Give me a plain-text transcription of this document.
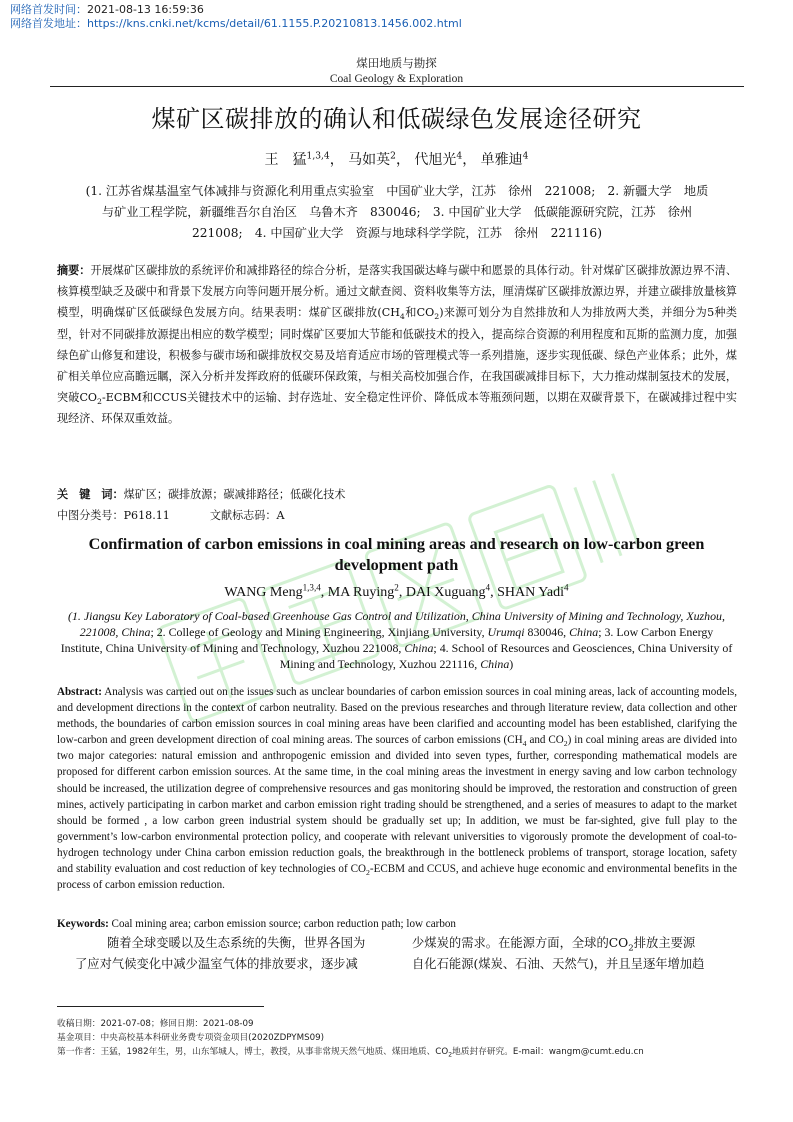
网络首发时间：2021-08-13 16:59:36
网络首发地址：https://kns.cnki.net/kcms/detail/61.1155.P.20210813.1456.002.html
煤田地质与勘探
Coal Geology & Exploration
煤矿区碳排放的确认和低碳绿色发展途径研究
王　猛$^{1,3,4}$， 马如英$^2$， 代旭光$^4$， 单雅迪$^4$
(1. 江苏省煤基温室气体减排与资源化利用重点实验室　中国矿业大学，江苏　徐州　221008;　2. 新疆大学　地质
与矿业工程学院，新疆维吾尔自治区　乌鲁木齐　830046;　3. 中国矿业大学　低碳能源研究院，江苏　徐州
221008;　4. 中国矿业大学　资源与地球科学学院，江苏　徐州　221116)
摘要：开展煤矿区碳排放的系统评价和减排路径的综合分析，是落实我国碳达峰与碳中和愿景的具体行动。针对煤矿区碳排放源边界不清、核算模型缺乏及碳中和背景下发展方向等问题开展分析。通过文献查阅、资料收集等方法，厘清煤矿区碳排放源边界，并建立碳排放量核算模型，明确煤矿区低碳绿色发展方向。结果表明：煤矿区碳排放($CH_4$和$CO_2$)来源可划分为自然排放和人为排放两大类，并细分为5种类型，针对不同碳排放源提出相应的数学模型；同时煤矿区要加大节能和低碳技术的投入，提高综合资源的利用程度和瓦斯的监测力度，加强绿色矿山修复和建设，积极参与碳市场和碳排放权交易及培育适应市场的管理模式等一系列措施，逐步实现低碳、绿色产业体系；此外，煤矿相关单位应高瞻远瞩，深入分析并发挥政府的低碳环保政策，与相关高校加强合作，在我国碳减排目标下，大力推动煤制氢技术的发展，突破$CO_2$-ECBM和CCUS关键技术中的运输、封存选址、安全稳定性评价、降低成本等瓶颈问题，以期在双碳背景下，在碳减排过程中实现经济、环保双重效益。
关　键　词：煤矿区；碳排放源；碳减排路径；低碳化技术
中图分类号：P618.11	文献标志码：A
Confirmation of carbon emissions in coal mining areas and research on low-carbon green development path
WANG Meng$^{1,3,4}$, MA Ruying$^2$, DAI Xuguang$^4$, SHAN Yadi$^4$
(1. Jiangsu Key Laboratory of Coal-based Greenhouse Gas Control and Utilization, China University of Mining and Technology, Xuzhou, 221008, China; 2. College of Geology and Mining Engineering, Xinjiang University, Urumqi 830046, China; 3. Low Carbon Energy Institute, China University of Mining and Technology, Xuzhou 221008, China; 4. School of Resources and Geosciences, China University of Mining and Technology, Xuzhou 221116, China)
Abstract: Analysis was carried out on the issues such as unclear boundaries of carbon emission sources in coal mining areas, lack of accounting models, and development directions in the context of carbon neutrality. Based on the previous researches and through literature review, data collection and other methods, the boundaries of carbon emission sources in coal mining areas have been clarified and accounting model has been established, clarifying the low-carbon and green development direction of coal mining areas. The sources of carbon emissions ($CH_4$ and $CO_2$) in coal mining areas are divided into two major categories: natural emission and anthropogenic emission and divided into seven types, further, corresponding mathematical models are proposed for different carbon emission sources. At the same time, in the coal mining areas the investment in energy saving and low carbon technology should be increased, the utilization degree of comprehensive resources and gas monitoring should be improved, the restoration and construction of green mines, actively participating in carbon market and carbon emission right trading should be strengthened, and a series of measures to adapt to the market should be formed , a low carbon green industrial system should be gradually set up; In addition, we must be far-sighted, give full play to the government’s low-carbon environmental protection policy, and cooperate with relevant universities to vigorously promote the development of coal-to-hydrogen technology under China carbon emission reduction goals, the breakthrough in the bottleneck problems of transport, storage location, safety and stability evaluation and cost reduction of key technologies of $CO_2$-ECBM and CCUS, and achieve huge economic and environmental benefits in the process of carbon emission reduction.
Keywords: Coal mining area; carbon emission source; carbon reduction path; low carbon
随着全球变暖以及生态系统的失衡，世界各国为
了应对气候变化中减少温室气体的排放要求，逐步减
少煤炭的需求。在能源方面，全球的$CO_2$排放主要源
自化石能源(煤炭、石油、天然气)，并且呈逐年增加趋
收稿日期：2021-07-08；修回日期：2021-08-09
基金项目：中央高校基本科研业务费专项资金项目(2020ZDPYMS09)
第一作者：王猛，1982年生，男，山东邹城人，博士，教授，从事非常规天然气地质、煤田地质、$CO_2$地质封存研究。E-mail：wangm@cumt.edu.cn
